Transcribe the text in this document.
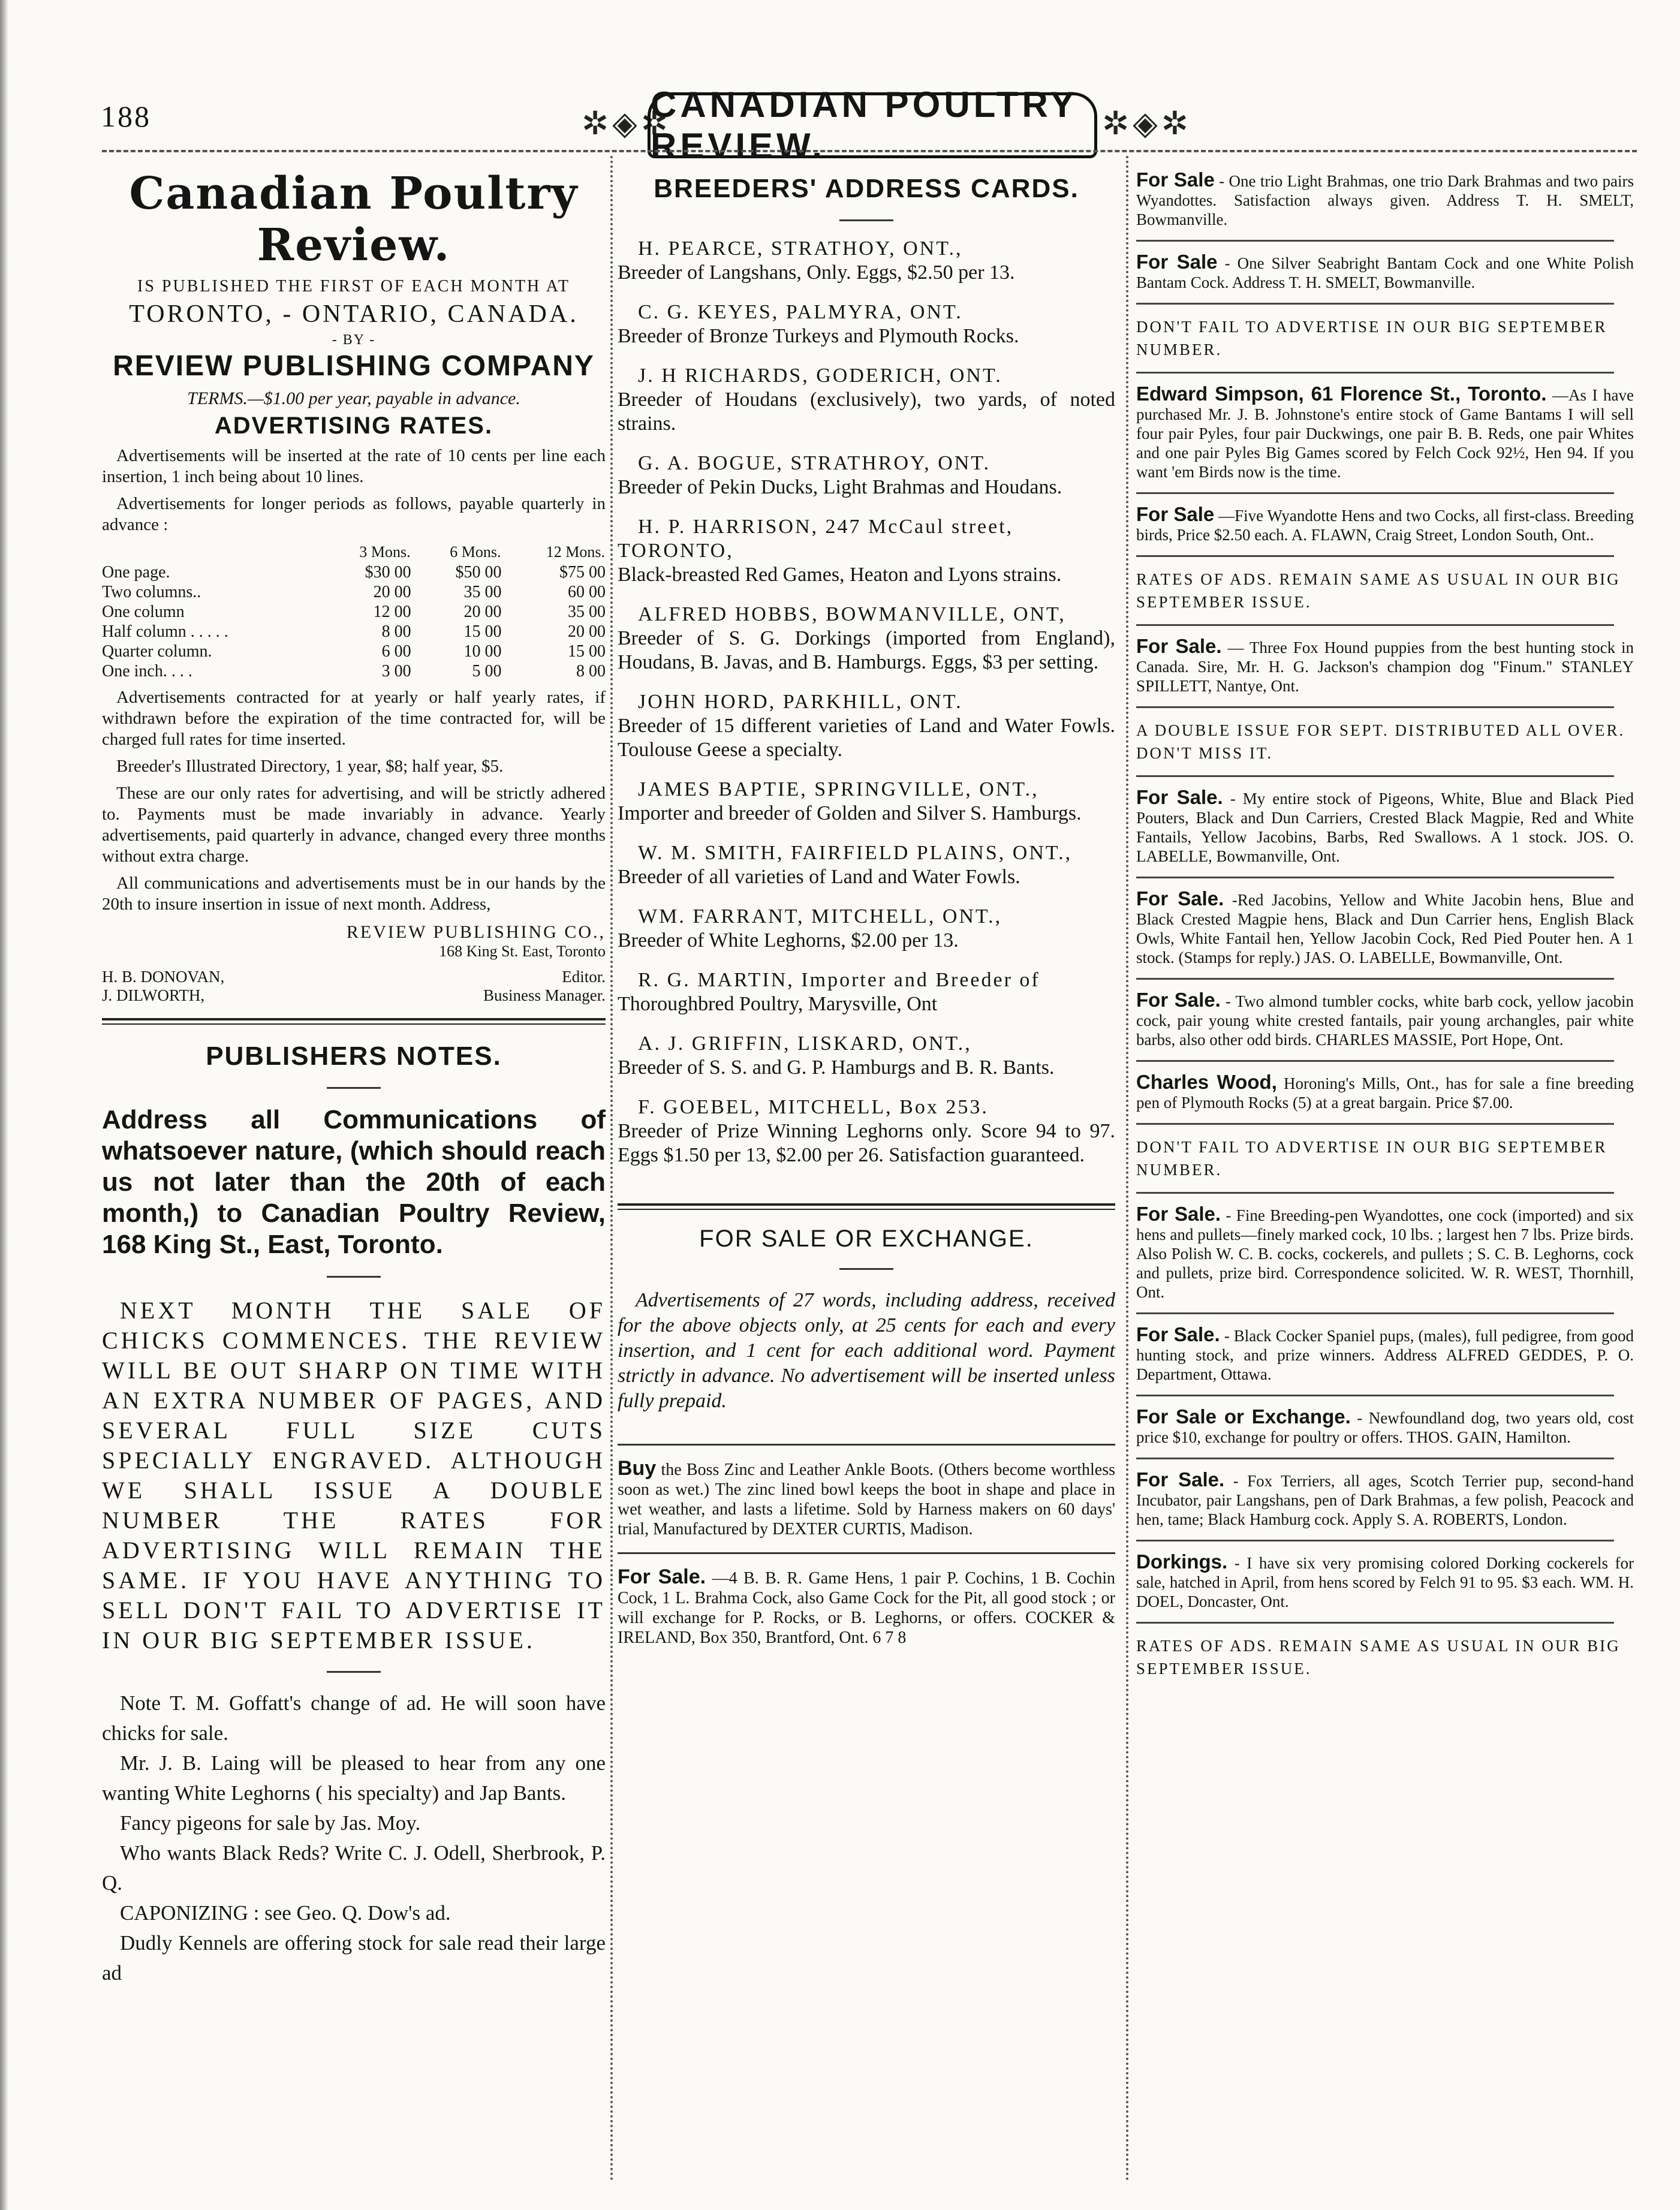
188	✲◈✲
CANADIAN POULTRY REVIEW.
✲◈✲
Canadian Poultry Review.
IS PUBLISHED THE FIRST OF EACH MONTH AT
TORONTO, - ONTARIO, CANADA.
- BY -
REVIEW PUBLISHING COMPANY
TERMS.—$1.00 per year, payable in advance.
ADVERTISING RATES.

Advertisements will be inserted at the rate of 10 cents per line each insertion, 1 inch being about 10 lines.

Advertisements for longer periods as follows, payable quarterly in advance :

	3 Mons.	6 Mons.	12 Mons.
One page.	$30 00	$50 00	$75 00
Two columns..	20 00	35 00	60 00
One column	12 00	20 00	35 00
Half column . . . . .	8 00	15 00	20 00
Quarter column.	6 00	10 00	15 00
One inch. . . .	3 00	5 00	8 00

Advertisements contracted for at yearly or half yearly rates, if withdrawn before the expiration of the time contracted for, will be charged full rates for time inserted.

Breeder's Illustrated Directory, 1 year, $8; half year, $5.

These are our only rates for advertising, and will be strictly adhered to. Payments must be made invariably in advance. Yearly advertisements, paid quarterly in advance, changed every three months without extra charge.

All communications and advertisements must be in our hands by the 20th to insure insertion in issue of next month. Address,

REVIEW PUBLISHING CO.,
168 King St. East, Toronto
H. B. DONOVAN,	Editor.
J. DILWORTH,	Business Manager.
PUBLISHERS NOTES.

Address all Communications of whatsoever nature, (which should reach us not later than the 20th of each month,) to Canadian Poultry Review, 168 King St., East, Toronto.

NEXT MONTH THE SALE OF CHICKS COMMENCES. THE REVIEW WILL BE OUT SHARP ON TIME WITH AN EXTRA NUMBER OF PAGES, AND SEVERAL FULL SIZE CUTS SPECIALLY ENGRAVED. ALTHOUGH WE SHALL ISSUE A DOUBLE NUMBER THE RATES FOR ADVERTISING WILL REMAIN THE SAME. IF YOU HAVE ANYTHING TO SELL DON'T FAIL TO ADVERTISE IT IN OUR BIG SEPTEMBER ISSUE.

Note T. M. Goffatt's change of ad. He will soon have chicks for sale.

Mr. J. B. Laing will be pleased to hear from any one wanting White Leghorns ( his specialty) and Jap Bants.

Fancy pigeons for sale by Jas. Moy.

Who wants Black Reds? Write C. J. Odell, Sherbrook, P. Q.

CAPONIZING : see Geo. Q. Dow's ad.

Dudly Kennels are offering stock for sale read their large ad

BREEDERS' ADDRESS CARDS.

H. PEARCE, STRATHOY, ONT.,

Breeder of Langshans, Only. Eggs, $2.50 per 13.

C. G. KEYES, PALMYRA, ONT.

Breeder of Bronze Turkeys and Plymouth Rocks.

J. H RICHARDS, GODERICH, ONT.

Breeder of Houdans (exclusively), two yards, of noted strains.

G. A. BOGUE, STRATHROY, ONT.

Breeder of Pekin Ducks, Light Brahmas and Houdans.

H. P. HARRISON, 247 McCaul street, TORONTO,

Black-breasted Red Games, Heaton and Lyons strains.

ALFRED HOBBS, BOWMANVILLE, ONT,

Breeder of S. G. Dorkings (imported from England), Houdans, B. Javas, and B. Hamburgs. Eggs, $3 per setting.

JOHN HORD, PARKHILL, ONT.

Breeder of 15 different varieties of Land and Water Fowls. Toulouse Geese a specialty.

JAMES BAPTIE, SPRINGVILLE, ONT.,

Importer and breeder of Golden and Silver S. Hamburgs.

W. M. SMITH, FAIRFIELD PLAINS, ONT.,

Breeder of all varieties of Land and Water Fowls.

WM. FARRANT, MITCHELL, ONT.,

Breeder of White Leghorns, $2.00 per 13.

R. G. MARTIN, Importer and Breeder of

Thoroughbred Poultry, Marysville, Ont

A. J. GRIFFIN, LISKARD, ONT.,

Breeder of S. S. and G. P. Hamburgs and B. R. Bants.

F. GOEBEL, MITCHELL, Box 253.

Breeder of Prize Winning Leghorns only. Score 94 to 97. Eggs $1.50 per 13, $2.00 per 26. Satisfaction guaranteed.

FOR SALE OR EXCHANGE.

Advertisements of 27 words, including address, received for the above objects only, at 25 cents for each and every insertion, and 1 cent for each additional word. Payment strictly in advance. No advertisement will be inserted unless fully prepaid.

Buy the Boss Zinc and Leather Ankle Boots. (Others become worthless soon as wet.) The zinc lined bowl keeps the boot in shape and place in wet weather, and lasts a lifetime. Sold by Harness makers on 60 days' trial, Manufactured by DEXTER CURTIS, Madison.

For Sale. —4 B. B. R. Game Hens, 1 pair P. Cochins, 1 B. Cochin Cock, 1 L. Brahma Cock, also Game Cock for the Pit, all good stock ; or will exchange for P. Rocks, or B. Leghorns, or offers. COCKER & IRELAND, Box 350, Brantford, Ont. 6 7 8

For Sale - One trio Light Brahmas, one trio Dark Brahmas and two pairs Wyandottes. Satisfaction always given. Address T. H. SMELT, Bowmanville.

For Sale - One Silver Seabright Bantam Cock and one White Polish Bantam Cock. Address T. H. SMELT, Bowmanville.

DON'T FAIL TO ADVERTISE IN OUR BIG SEPTEMBER NUMBER.

Edward Simpson, 61 Florence St., Toronto. —As I have purchased Mr. J. B. Johnstone's entire stock of Game Bantams I will sell four pair Pyles, four pair Duckwings, one pair B. B. Reds, one pair Whites and one pair Pyles Big Games scored by Felch Cock 92½, Hen 94. If you want 'em Birds now is the time.

For Sale —Five Wyandotte Hens and two Cocks, all first-class. Breeding birds, Price $2.50 each. A. FLAWN, Craig Street, London South, Ont..

RATES OF ADS. REMAIN SAME AS USUAL IN OUR BIG SEPTEMBER ISSUE.

For Sale. — Three Fox Hound puppies from the best hunting stock in Canada. Sire, Mr. H. G. Jackson's champion dog "Finum." STANLEY SPILLETT, Nantye, Ont.

A DOUBLE ISSUE FOR SEPT. DISTRIBUTED ALL OVER. DON'T MISS IT.

For Sale. - My entire stock of Pigeons, White, Blue and Black Pied Pouters, Black and Dun Carriers, Crested Black Magpie, Red and White Fantails, Yellow Jacobins, Barbs, Red Swallows. A 1 stock. JOS. O. LABELLE, Bowmanville, Ont.

For Sale. -Red Jacobins, Yellow and White Jacobin hens, Blue and Black Crested Magpie hens, Black and Dun Carrier hens, English Black Owls, White Fantail hen, Yellow Jacobin Cock, Red Pied Pouter hen. A 1 stock. (Stamps for reply.) JAS. O. LABELLE, Bowmanville, Ont.

For Sale. - Two almond tumbler cocks, white barb cock, yellow jacobin cock, pair young white crested fantails, pair young archangles, pair white barbs, also other odd birds. CHARLES MASSIE, Port Hope, Ont.

Charles Wood, Horoning's Mills, Ont., has for sale a fine breeding pen of Plymouth Rocks (5) at a great bargain. Price $7.00.

DON'T FAIL TO ADVERTISE IN OUR BIG SEPTEMBER NUMBER.

For Sale. - Fine Breeding-pen Wyandottes, one cock (imported) and six hens and pullets—finely marked cock, 10 lbs. ; largest hen 7 lbs. Prize birds. Also Polish W. C. B. cocks, cockerels, and pullets ; S. C. B. Leghorns, cock and pullets, prize bird. Correspondence solicited. W. R. WEST, Thornhill, Ont.

For Sale. - Black Cocker Spaniel pups, (males), full pedigree, from good hunting stock, and prize winners. Address ALFRED GEDDES, P. O. Department, Ottawa.

For Sale or Exchange. - Newfoundland dog, two years old, cost price $10, exchange for poultry or offers. THOS. GAIN, Hamilton.

For Sale. - Fox Terriers, all ages, Scotch Terrier pup, second-hand Incubator, pair Langshans, pen of Dark Brahmas, a few polish, Peacock and hen, tame; Black Hamburg cock. Apply S. A. ROBERTS, London.

Dorkings. - I have six very promising colored Dorking cockerels for sale, hatched in April, from hens scored by Felch 91 to 95. $3 each. WM. H. DOEL, Doncaster, Ont.

RATES OF ADS. REMAIN SAME AS USUAL IN OUR BIG SEPTEMBER ISSUE.
